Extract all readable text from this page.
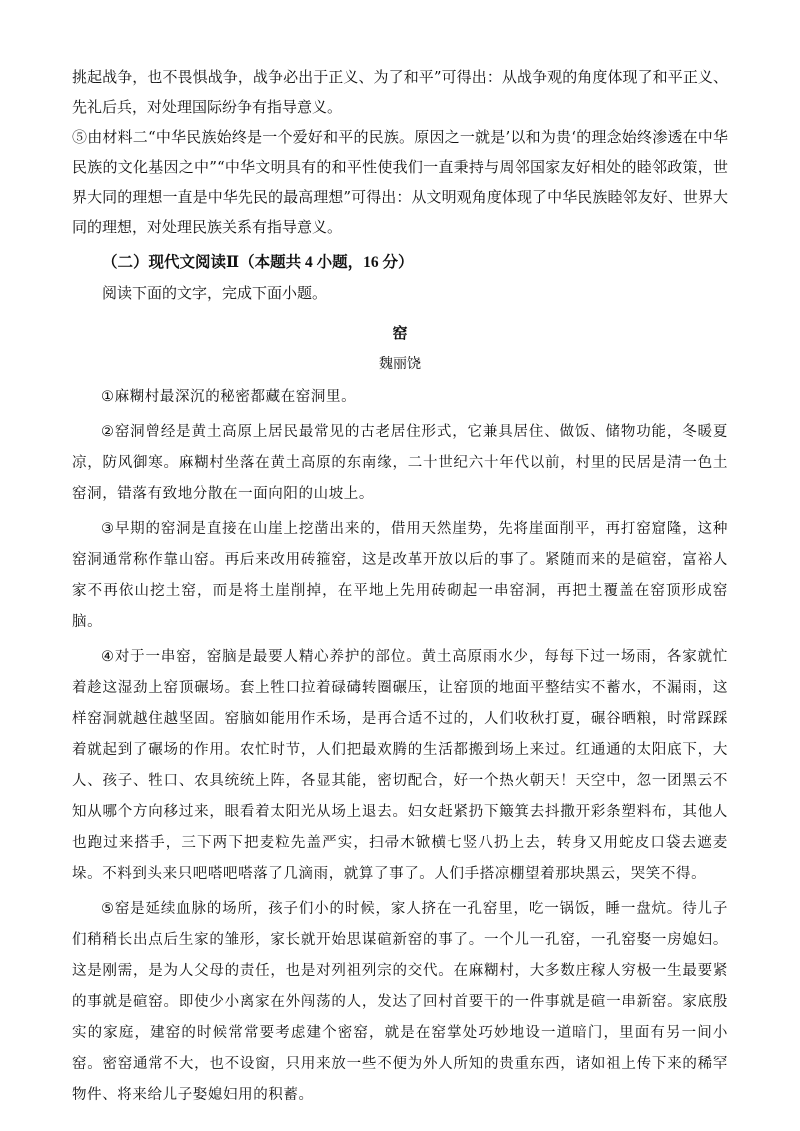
挑起战争，也不畏惧战争，战争必出于正义、为了和平”可得出：从战争观的角度体现了和平正义、先礼后兵，对处理国际纷争有指导意义。

⑤由材料二“中华民族始终是一个爱好和平的民族。原因之一就是’以和为贵‘的理念始终渗透在中华民族的文化基因之中”“中华文明具有的和平性使我们一直秉持与周邻国家友好相处的睦邻政策，世界大同的理想一直是中华先民的最高理想”可得出：从文明观角度体现了中华民族睦邻友好、世界大同的理想，对处理民族关系有指导意义。

（二）现代文阅读Ⅱ（本题共 4 小题，16 分）
阅读下面的文字，完成下面小题。
窑
魏丽饶

①麻糊村最深沉的秘密都藏在窑洞里。

②窑洞曾经是黄土高原上居民最常见的古老居住形式，它兼具居住、做饭、储物功能，冬暖夏凉，防风御寒。麻糊村坐落在黄土高原的东南缘，二十世纪六十年代以前，村里的民居是清一色土窑洞，错落有致地分散在一面向阳的山坡上。

③早期的窑洞是直接在山崖上挖凿出来的，借用天然崖势，先将崖面削平，再打窑窟隆，这种窑洞通常称作靠山窑。再后来改用砖箍窑，这是改革开放以后的事了。紧随而来的是碹窑，富裕人家不再依山挖土窑，而是将土崖削掉，在平地上先用砖砌起一串窑洞，再把土覆盖在窑顶形成窑脑。

④对于一串窑，窑脑是最要人精心养护的部位。黄土高原雨水少，每每下过一场雨，各家就忙着趁这湿劲上窑顶碾场。套上牲口拉着碌碡转圈碾压，让窑顶的地面平整结实不蓄水，不漏雨，这样窑洞就越住越坚固。窑脑如能用作禾场，是再合适不过的，人们收秋打夏，碾谷晒粮，时常踩踩着就起到了碾场的作用。农忙时节，人们把最欢腾的生活都搬到场上来过。红通通的太阳底下，大人、孩子、牲口、农具统统上阵，各显其能，密切配合，好一个热火朝天！天空中，忽一团黑云不知从哪个方向移过来，眼看着太阳光从场上退去。妇女赶紧扔下簸箕去抖撒开彩条塑料布，其他人也跑过来搭手，三下两下把麦粒先盖严实，扫帚木锨横七竖八扔上去，转身又用蛇皮口袋去遮麦垛。不料到头来只吧嗒吧嗒落了几滴雨，就算了事了。人们手搭凉棚望着那块黑云，哭笑不得。

⑤窑是延续血脉的场所，孩子们小的时候，家人挤在一孔窑里，吃一锅饭，睡一盘炕。待儿子们稍稍长出点后生家的雏形，家长就开始思谋碹新窑的事了。一个儿一孔窑，一孔窑娶一房媳妇。这是刚需，是为人父母的责任，也是对列祖列宗的交代。在麻糊村，大多数庄稼人穷极一生最要紧的事就是碹窑。即使少小离家在外闯荡的人，发达了回村首要干的一件事就是碹一串新窑。家底殷实的家庭，建窑的时候常常要考虑建个密窑，就是在窑掌处巧妙地设一道暗门，里面有另一间小窑。密窑通常不大，也不设窗，只用来放一些不便为外人所知的贵重东西，诸如祖上传下来的稀罕物件、将来给儿子娶媳妇用的积蓄。
